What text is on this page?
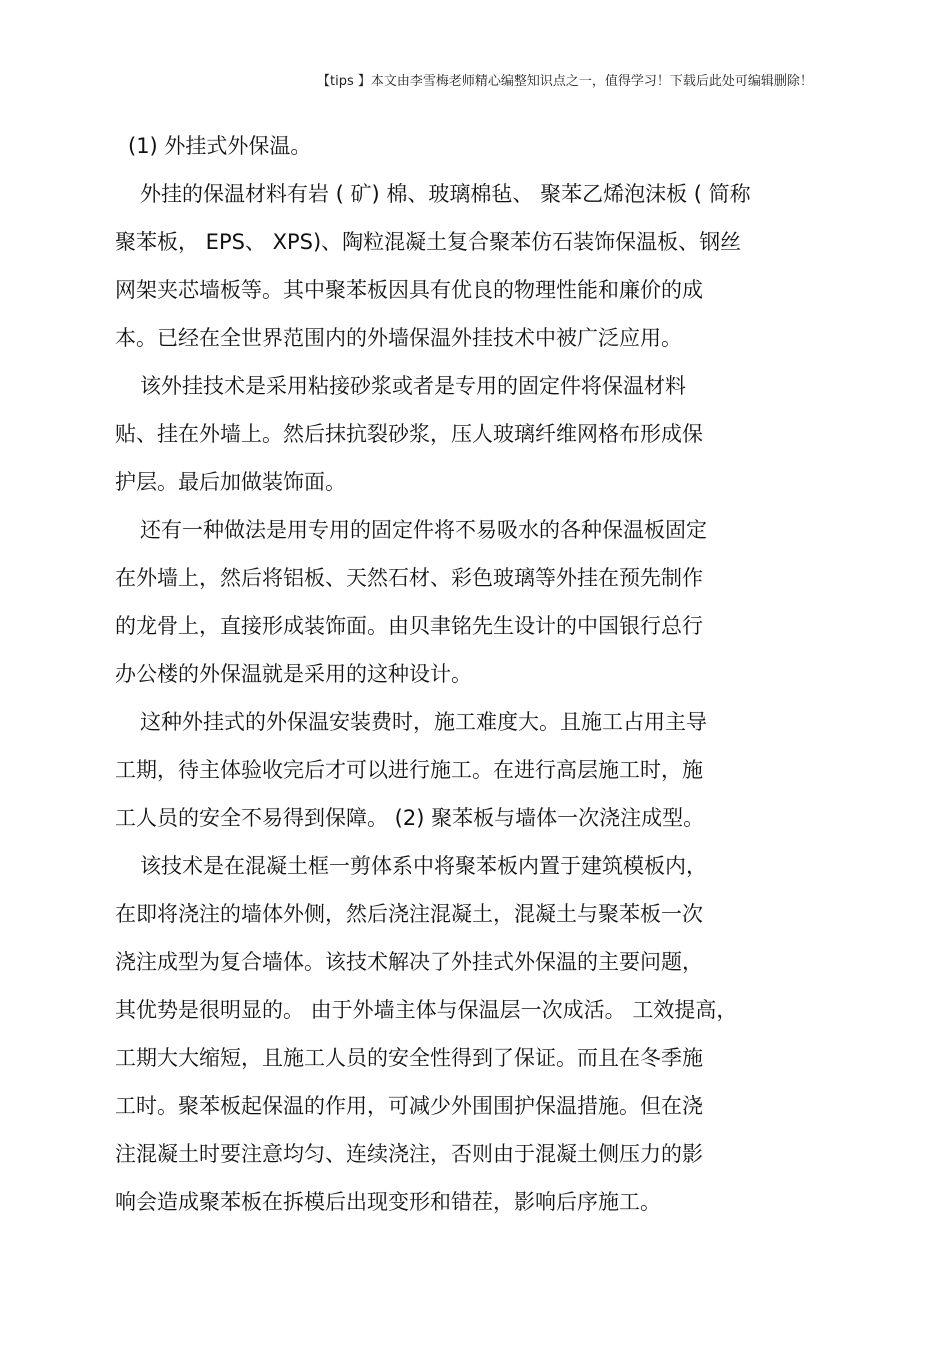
【tips 】本文由李雪梅老师精心编整知识点之一，值得学习！下载后此处可编辑删除！
(1) 外挂式外保温。
外挂的保温材料有岩 ( 矿) 棉、玻璃棉毡、 聚苯乙烯泡沫板 ( 简称
聚苯板， EPS、 XPS)、陶粒混凝土复合聚苯仿石装饰保温板、钢丝
网架夹芯墙板等。其中聚苯板因具有优良的物理性能和廉价的成
本。已经在全世界范围内的外墙保温外挂技术中被广泛应用。
该外挂技术是采用粘接砂浆或者是专用的固定件将保温材料
贴、挂在外墙上。然后抹抗裂砂浆，压人玻璃纤维网格布形成保
护层。最后加做装饰面。
还有一种做法是用专用的固定件将不易吸水的各种保温板固定
在外墙上，然后将铝板、天然石材、彩色玻璃等外挂在预先制作
的龙骨上，直接形成装饰面。由贝聿铭先生设计的中国银行总行
办公楼的外保温就是采用的这种设计。
这种外挂式的外保温安装费时，施工难度大。且施工占用主导
工期，待主体验收完后才可以进行施工。在进行高层施工时，施
工人员的安全不易得到保障。 (2) 聚苯板与墙体一次浇注成型。
该技术是在混凝土框一剪体系中将聚苯板内置于建筑模板内，
在即将浇注的墙体外侧，然后浇注混凝土，混凝土与聚苯板一次
浇注成型为复合墙体。该技术解决了外挂式外保温的主要问题，
其优势是很明显的。 由于外墙主体与保温层一次成活。 工效提高，
工期大大缩短，且施工人员的安全性得到了保证。而且在冬季施
工时。聚苯板起保温的作用，可减少外围围护保温措施。但在浇
注混凝土时要注意均匀、连续浇注，否则由于混凝土侧压力的影
响会造成聚苯板在拆模后出现变形和错茬，影响后序施工。
